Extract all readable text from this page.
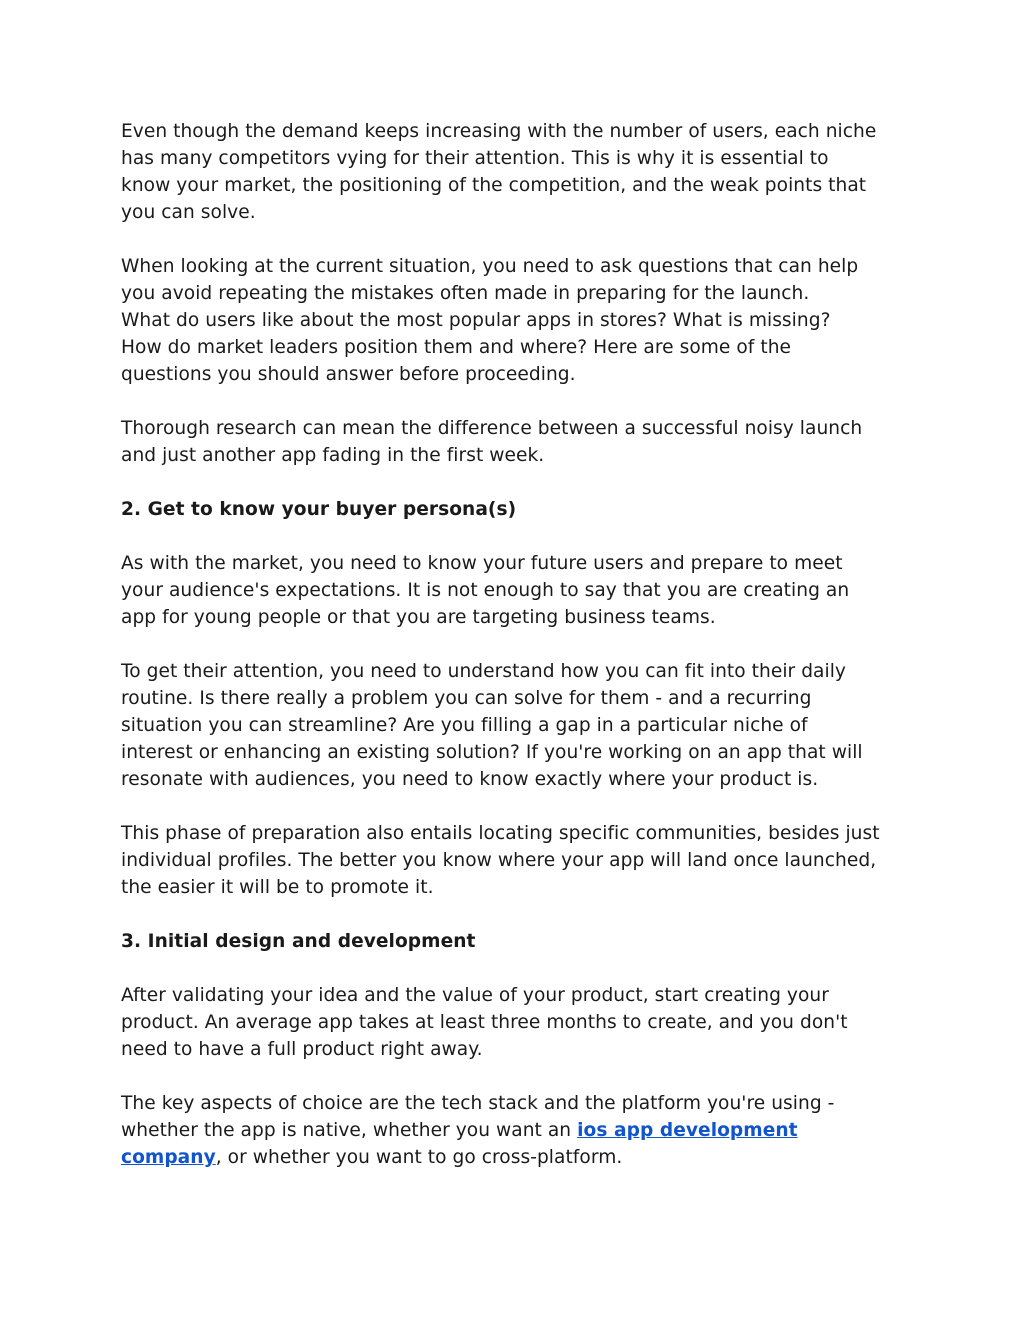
Even though the demand keeps increasing with the number of users, each niche
has many competitors vying for their attention. This is why it is essential to
know your market, the positioning of the competition, and the weak points that
you can solve.

When looking at the current situation, you need to ask questions that can help
you avoid repeating the mistakes often made in preparing for the launch.
What do users like about the most popular apps in stores? What is missing?
How do market leaders position them and where? Here are some of the
questions you should answer before proceeding.

Thorough research can mean the difference between a successful noisy launch
and just another app fading in the first week.

2. Get to know your buyer persona(s)

As with the market, you need to know your future users and prepare to meet
your audience's expectations. It is not enough to say that you are creating an
app for young people or that you are targeting business teams.

To get their attention, you need to understand how you can fit into their daily
routine. Is there really a problem you can solve for them - and a recurring
situation you can streamline? Are you filling a gap in a particular niche of
interest or enhancing an existing solution? If you're working on an app that will
resonate with audiences, you need to know exactly where your product is.

This phase of preparation also entails locating specific communities, besides just
individual profiles. The better you know where your app will land once launched,
the easier it will be to promote it.

3. Initial design and development

After validating your idea and the value of your product, start creating your
product. An average app takes at least three months to create, and you don't
need to have a full product right away.

The key aspects of choice are the tech stack and the platform you're using -
whether the app is native, whether you want an ios app development
company, or whether you want to go cross-platform.
